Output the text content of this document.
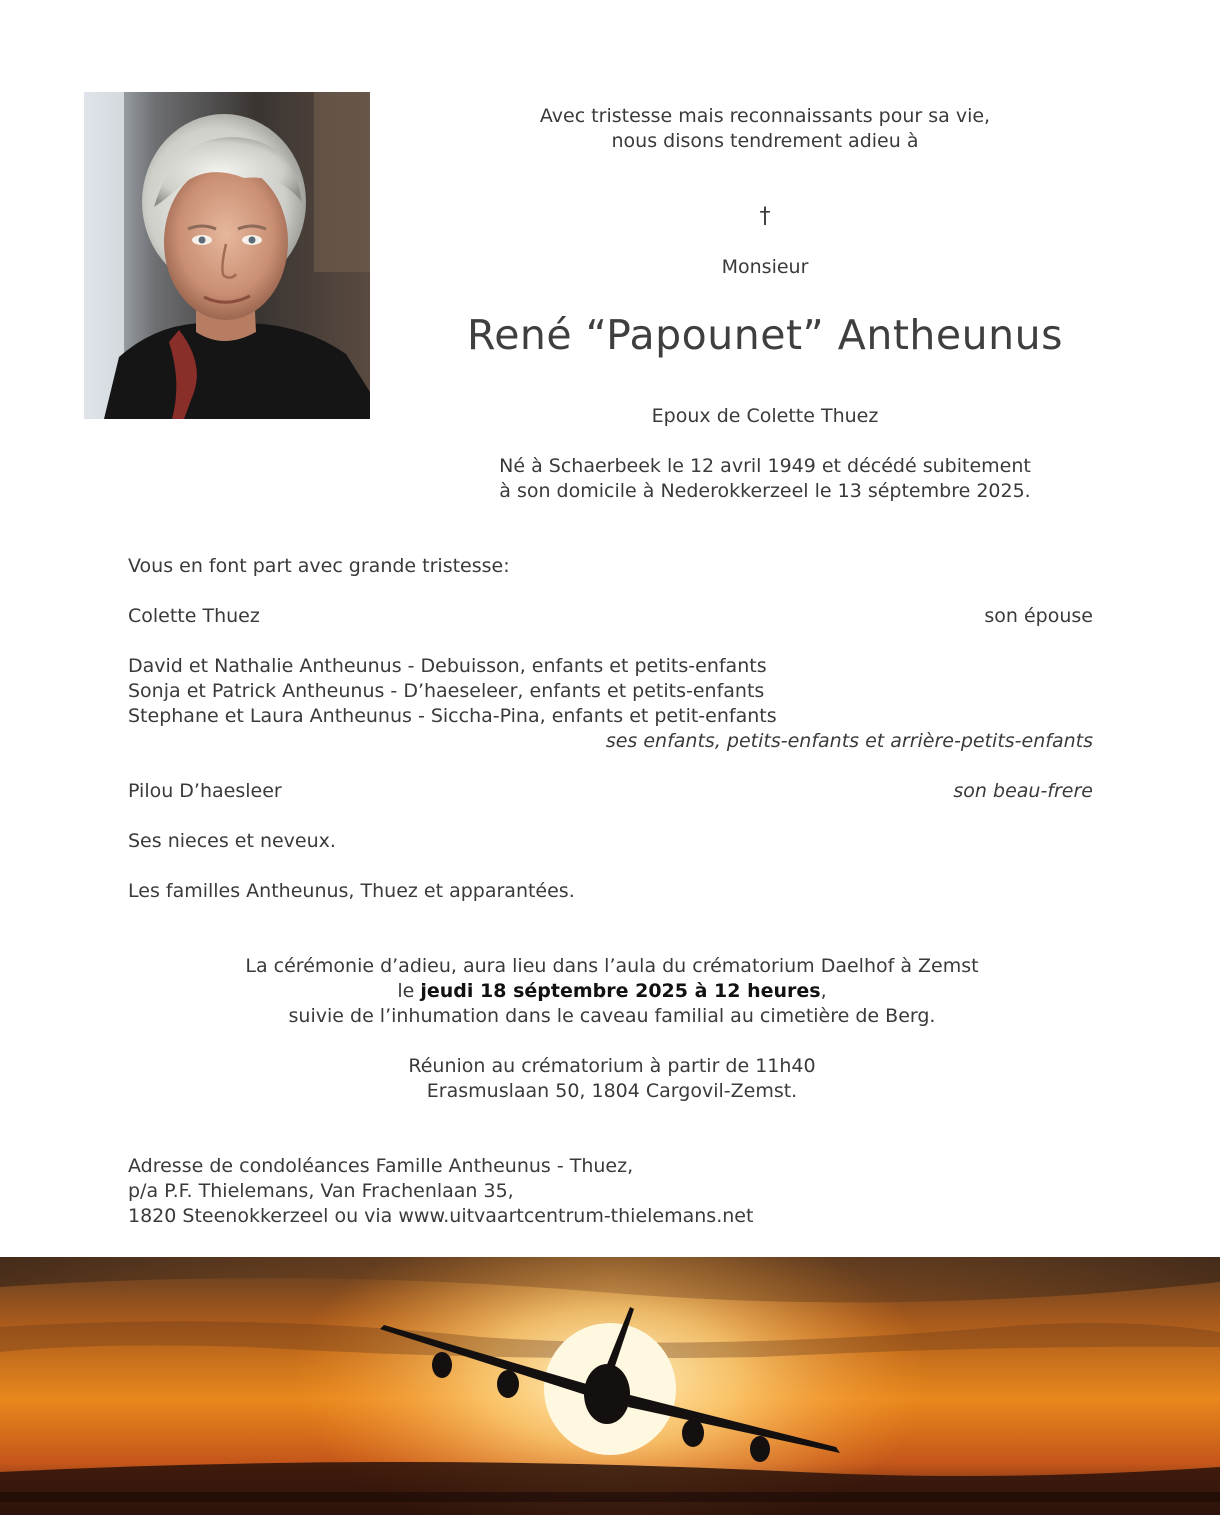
Avec tristesse mais reconnaissants pour sa vie,
nous disons tendrement adieu à
†
Monsieur
René “Papounet” Antheunus
Epoux de Colette Thuez
Né à Schaerbeek le 12 avril 1949 et décédé subitement
à son domicile à Nederokkerzeel le 13 séptembre 2025.
Vous en font part avec grande tristesse:
Colette Thuez	son épouse
David et Nathalie Antheunus - Debuisson, enfants et petits-enfants
Sonja et Patrick Antheunus - D’haeseleer, enfants et petits-enfants
Stephane et Laura Antheunus - Siccha-Pina, enfants et petit-enfants
ses enfants, petits-enfants et arrière-petits-enfants
Pilou D’haesleer	son beau-frere
Ses nieces et neveux.
Les familles Antheunus, Thuez et apparantées.
La cérémonie d’adieu, aura lieu dans l’aula du crématorium Daelhof à Zemst
le jeudi 18 séptembre 2025 à 12 heures,
suivie de l’inhumation dans le caveau familial au cimetière de Berg.
Réunion au crématorium à partir de 11h40
Erasmuslaan 50, 1804 Cargovil-Zemst.
Adresse de condoléances Famille Antheunus - Thuez,
p/a P.F. Thielemans, Van Frachenlaan 35,
1820 Steenokkerzeel ou via www.uitvaartcentrum-thielemans.net
